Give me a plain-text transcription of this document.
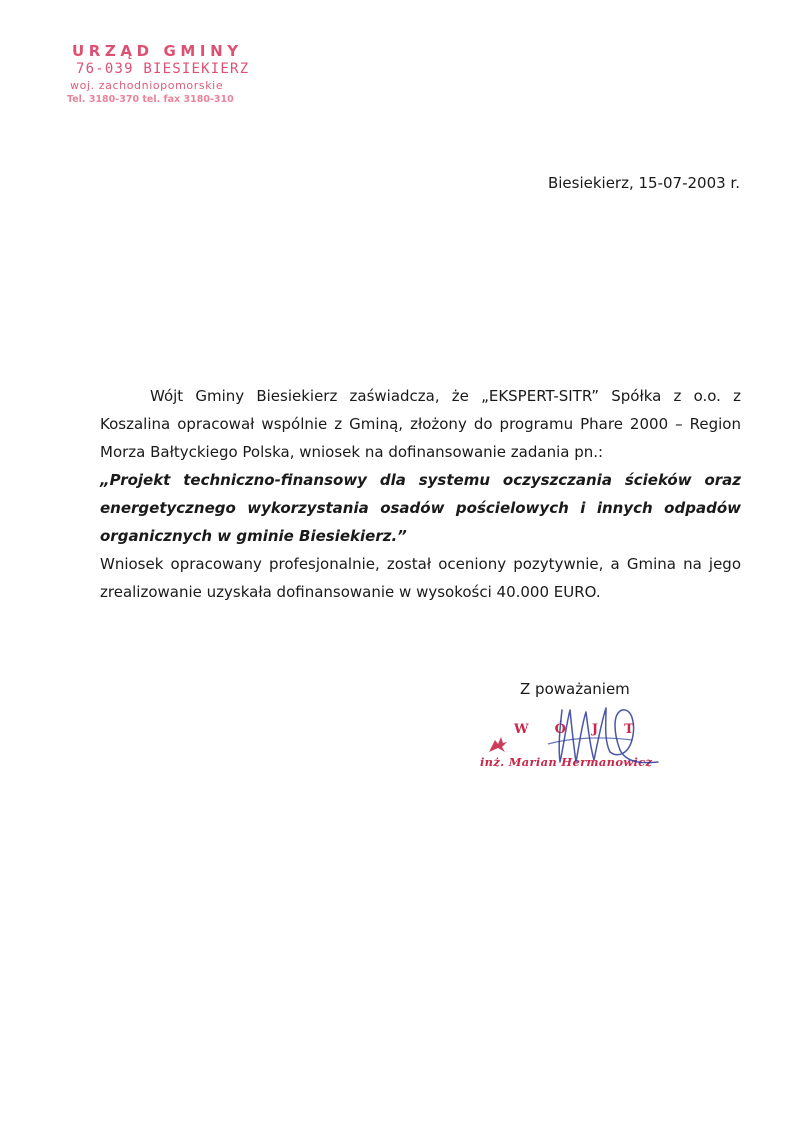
URZĄD GMINY
76-039 BIESIEKIERZ
woj. zachodniopomorskie
Tel. 3180-370 tel. fax 3180-310
Biesiekierz, 15-07-2003 r.

Wójt Gminy Biesiekierz zaświadcza, że „EKSPERT-SITR” Spółka z o.o. z Koszalina opracował wspólnie z Gminą, złożony do programu Phare 2000 – Region Morza Bałtyckiego Polska, wniosek na dofinansowanie zadania pn.:

„Projekt techniczno-finansowy dla systemu oczyszczania ścieków oraz energetycznego wykorzystania osadów pościelowych i innych odpadów organicznych w gminie Biesiekierz.”

Wniosek opracowany profesjonalnie, został oceniony pozytywnie, a Gmina na jego zrealizowanie uzyskała dofinansowanie w wysokości 40.000 EURO.

Z poważaniem
WÓJT
inż. Marian Hermanowicz
